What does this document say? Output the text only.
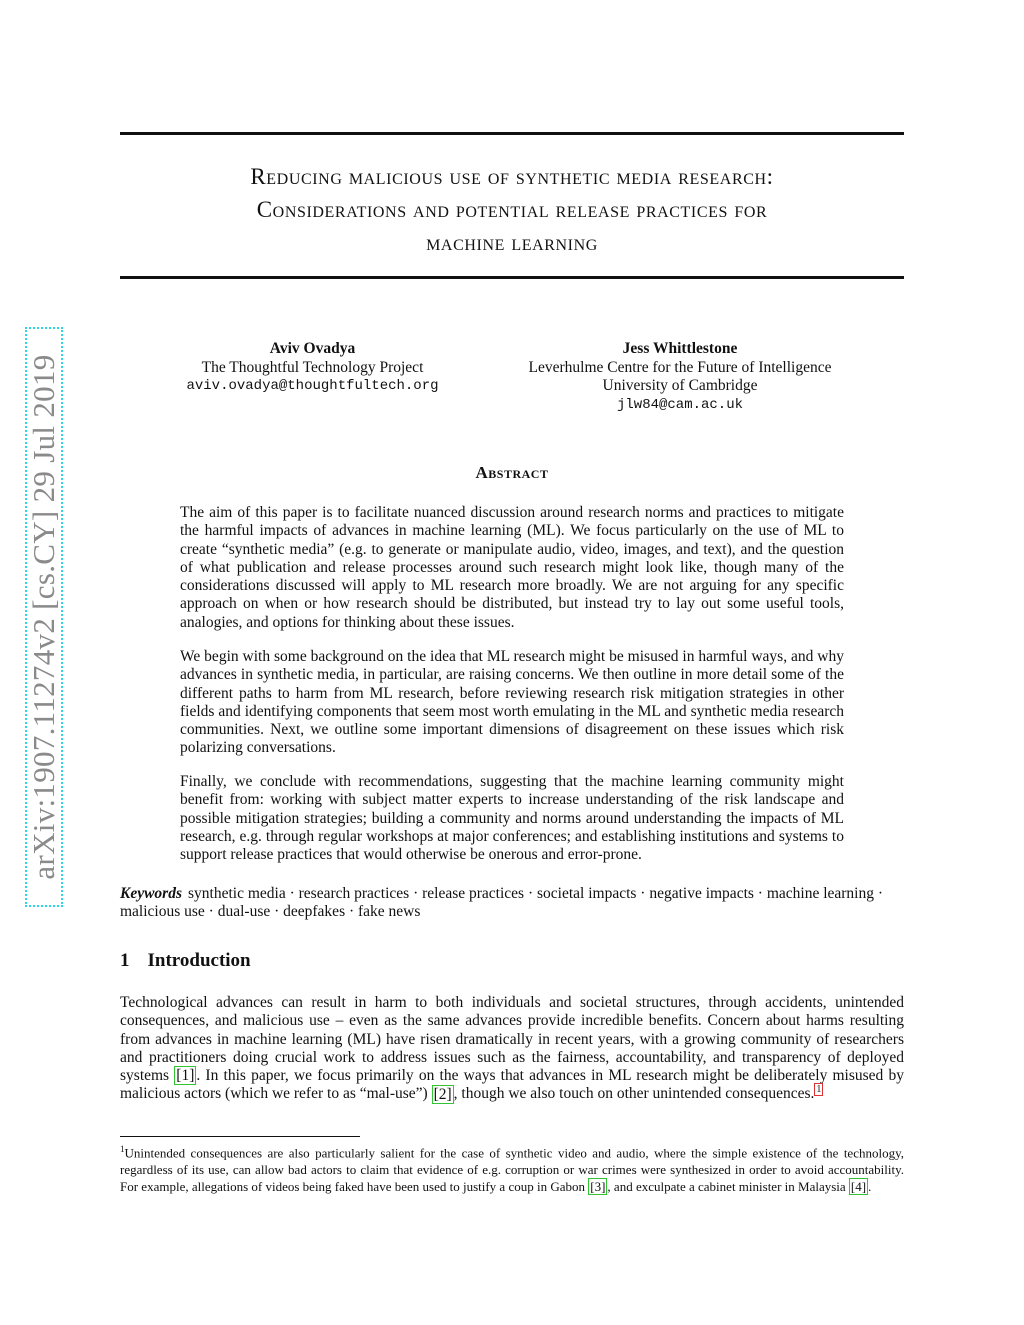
Reducing malicious use of synthetic media research:
Considerations and potential release practices for
machine learning
arXiv:1907.11274v2 [cs.CY] 29 Jul 2019
Aviv Ovadya
The Thoughtful Technology Project
aviv.ovadya@thoughtfultech.org
Jess Whittlestone
Leverhulme Centre for the Future of Intelligence
University of Cambridge
jlw84@cam.ac.uk
Abstract

The aim of this paper is to facilitate nuanced discussion around research norms and practices to mitigate the harmful impacts of advances in machine learning (ML). We focus particularly on the use of ML to create “synthetic media” (e.g. to generate or manipulate audio, video, images, and text), and the question of what publication and release processes around such research might look like, though many of the considerations discussed will apply to ML research more broadly. We are not arguing for any specific approach on when or how research should be distributed, but instead try to lay out some useful tools, analogies, and options for thinking about these issues.

We begin with some background on the idea that ML research might be misused in harmful ways, and why advances in synthetic media, in particular, are raising concerns. We then outline in more detail some of the different paths to harm from ML research, before reviewing research risk mitigation strategies in other fields and identifying components that seem most worth emulating in the ML and synthetic media research communities. Next, we outline some important dimensions of disagreement on these issues which risk polarizing conversations.

Finally, we conclude with recommendations, suggesting that the machine learning community might benefit from: working with subject matter experts to increase understanding of the risk landscape and possible mitigation strategies; building a community and norms around understanding the impacts of ML research, e.g. through regular workshops at major conferences; and establishing institutions and systems to support release practices that would otherwise be onerous and error-prone.

Keywords synthetic media · research practices · release practices · societal impacts · negative impacts · machine learning · malicious use · dual-use · deepfakes · fake news

1 Introduction

Technological advances can result in harm to both individuals and societal structures, through accidents, unintended consequences, and malicious use – even as the same advances provide incredible benefits. Concern about harms resulting from advances in machine learning (ML) have risen dramatically in recent years, with a growing community of researchers and practitioners doing crucial work to address issues such as the fairness, accountability, and transparency of deployed systems [1] . In this paper, we focus primarily on the ways that advances in ML research might be deliberately misused by malicious actors (which we refer to as “mal-use”) [2] , though we also touch on other unintended consequences. $^1$

$^1$Unintended consequences are also particularly salient for the case of synthetic video and audio, where the simple existence of the technology, regardless of its use, can allow bad actors to claim that evidence of e.g. corruption or war crimes were synthesized in order to avoid accountability. For example, allegations of videos being faked have been used to justify a coup in Gabon [3] , and exculpate a cabinet minister in Malaysia [4] .
